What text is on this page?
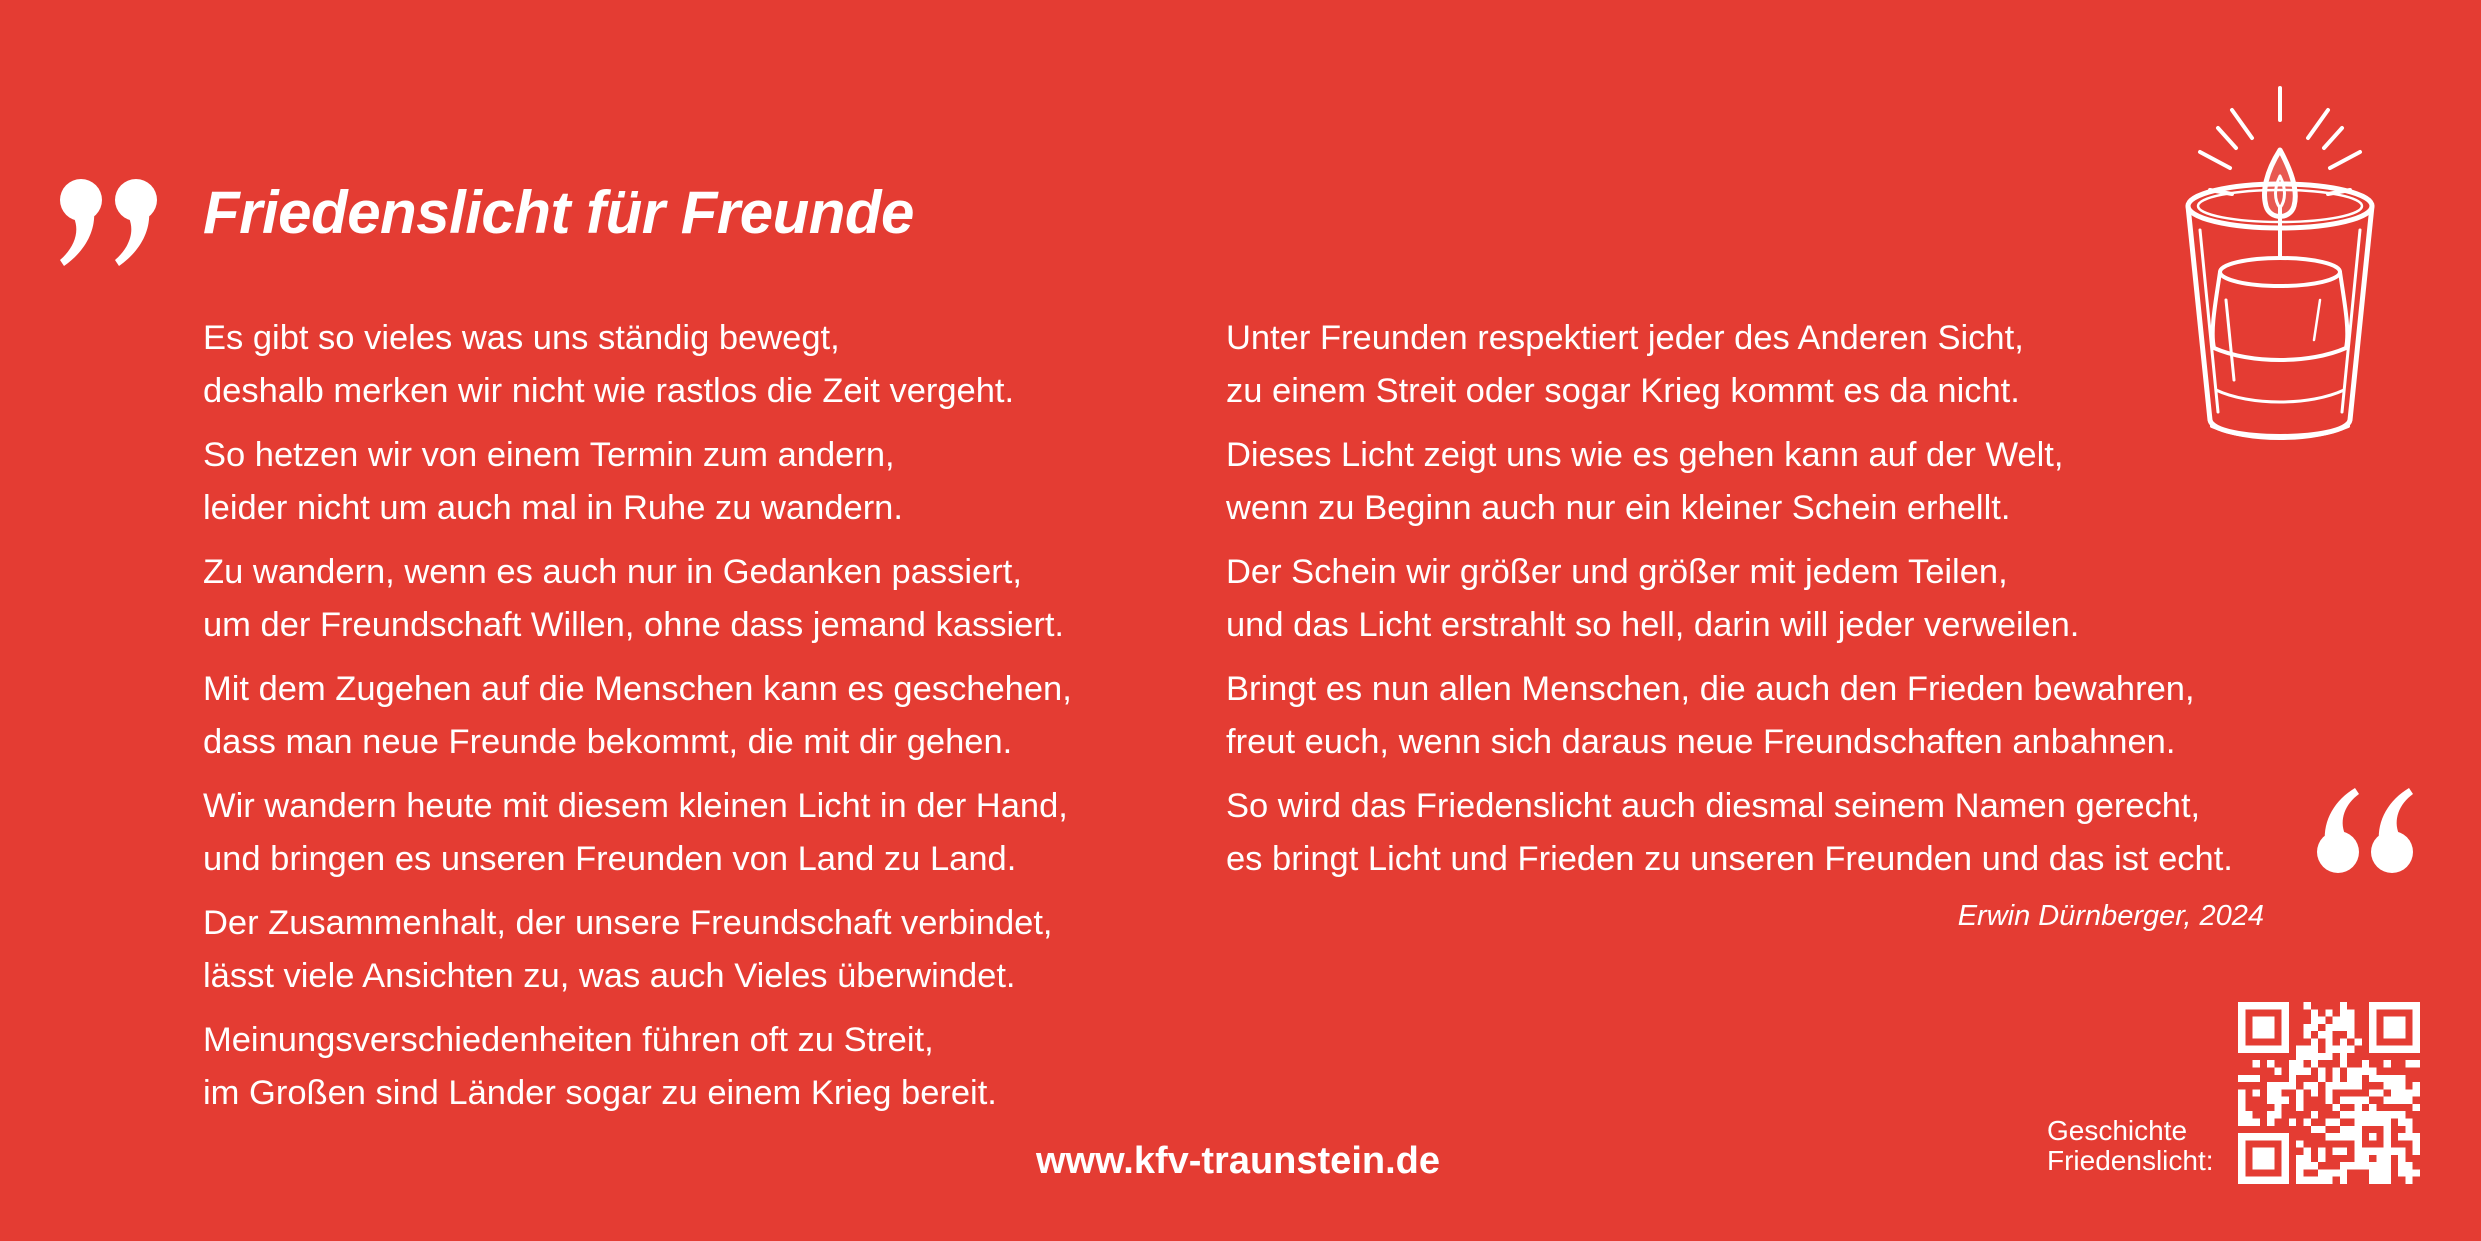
Friedenslicht für Freunde

Es gibt so vieles was uns ständig bewegt,
deshalb merken wir nicht wie rastlos die Zeit vergeht.

So hetzen wir von einem Termin zum andern,
leider nicht um auch mal in Ruhe zu wandern.

Zu wandern, wenn es auch nur in Gedanken passiert,
um der Freundschaft Willen, ohne dass jemand kassiert.

Mit dem Zugehen auf die Menschen kann es geschehen,
dass man neue Freunde bekommt, die mit dir gehen.

Wir wandern heute mit diesem kleinen Licht in der Hand,
und bringen es unseren Freunden von Land zu Land.

Der Zusammenhalt, der unsere Freundschaft verbindet,
lässt viele Ansichten zu, was auch Vieles überwindet.

Meinungsverschiedenheiten führen oft zu Streit,
im Großen sind Länder sogar zu einem Krieg bereit.

Unter Freunden respektiert jeder des Anderen Sicht,
zu einem Streit oder sogar Krieg kommt es da nicht.

Dieses Licht zeigt uns wie es gehen kann auf der Welt,
wenn zu Beginn auch nur ein kleiner Schein erhellt.

Der Schein wir größer und größer mit jedem Teilen,
und das Licht erstrahlt so hell, darin will jeder verweilen.

Bringt es nun allen Menschen, die auch den Frieden bewahren,
freut euch, wenn sich daraus neue Freundschaften anbahnen.

So wird das Friedenslicht auch diesmal seinem Namen gerecht,
es bringt Licht und Frieden zu unseren Freunden und das ist echt.

Erwin Dürnberger, 2024
www.kfv-traunstein.de
Geschichte
Friedenslicht:
